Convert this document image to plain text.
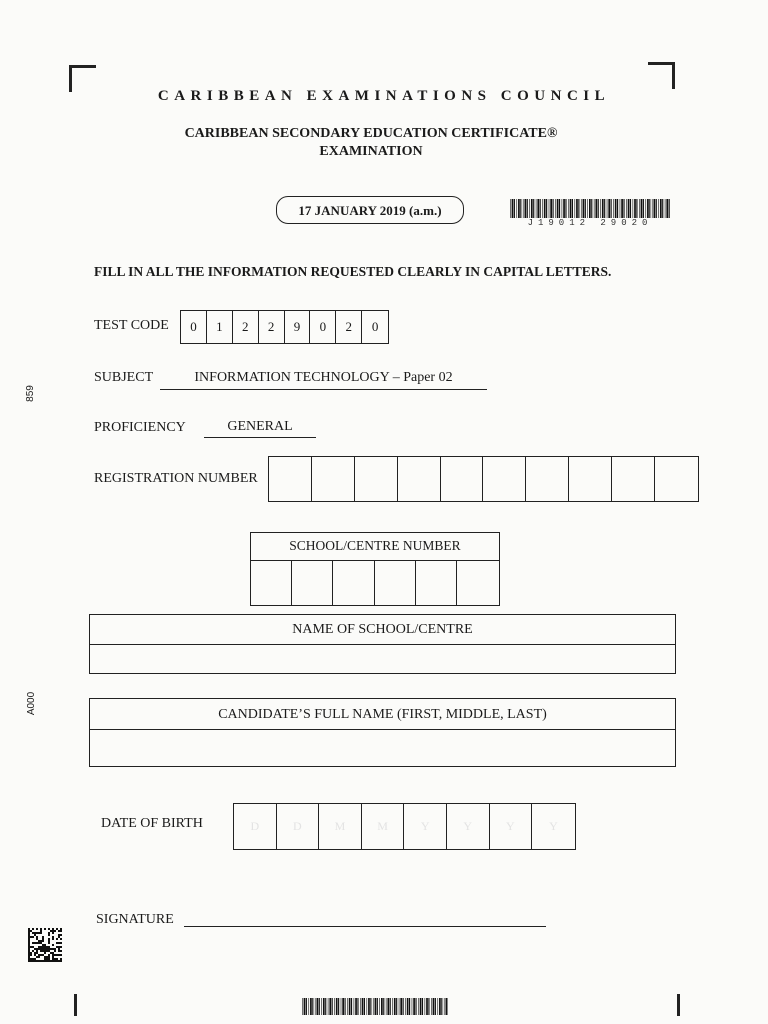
859
A000
CARIBBEAN EXAMINATIONS COUNCIL
CARIBBEAN SECONDARY EDUCATION CERTIFICATE®
EXAMINATION
17 JANUARY 2019 (a.m.)
J19012 29020
FILL IN ALL THE INFORMATION REQUESTED CLEARLY IN CAPITAL LETTERS.
TEST CODE	0	1	2	2	9	0	2	0
SUBJECT	INFORMATION TECHNOLOGY – Paper 02
PROFICIENCY	GENERAL
REGISTRATION NUMBER
SCHOOL/CENTRE NUMBER
NAME OF SCHOOL/CENTRE
CANDIDATE’S FULL NAME (FIRST, MIDDLE, LAST)
DATE OF BIRTH	D	D	M	M	Y	Y	Y	Y
SIGNATURE
